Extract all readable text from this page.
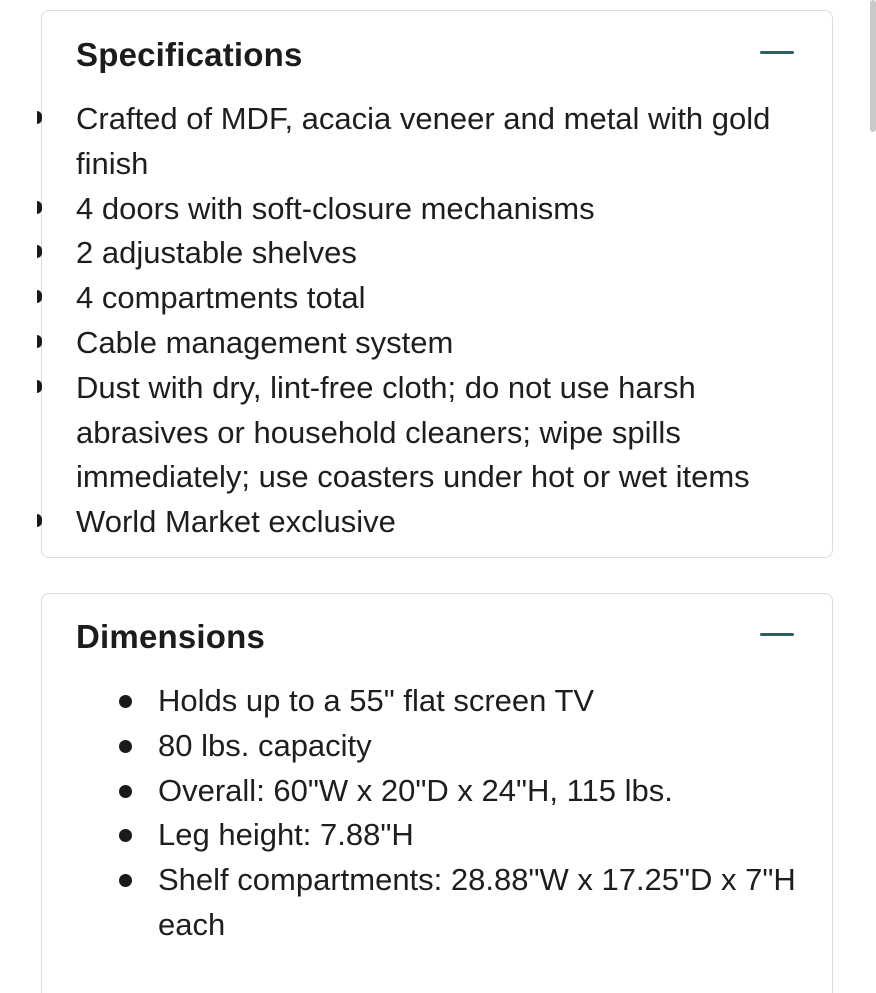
Specifications
Crafted of MDF, acacia veneer and metal with gold finish
4 doors with soft-closure mechanisms
2 adjustable shelves
4 compartments total
Cable management system
Dust with dry, lint-free cloth; do not use harsh abrasives or household cleaners; wipe spills immediately; use coasters under hot or wet items
World Market exclusive
Dimensions
Holds up to a 55" flat screen TV
80 lbs. capacity
Overall: 60"W x 20"D x 24"H, 115 lbs.
Leg height: 7.88"H
Shelf compartments: 28.88"W x 17.25"D x 7"H each
